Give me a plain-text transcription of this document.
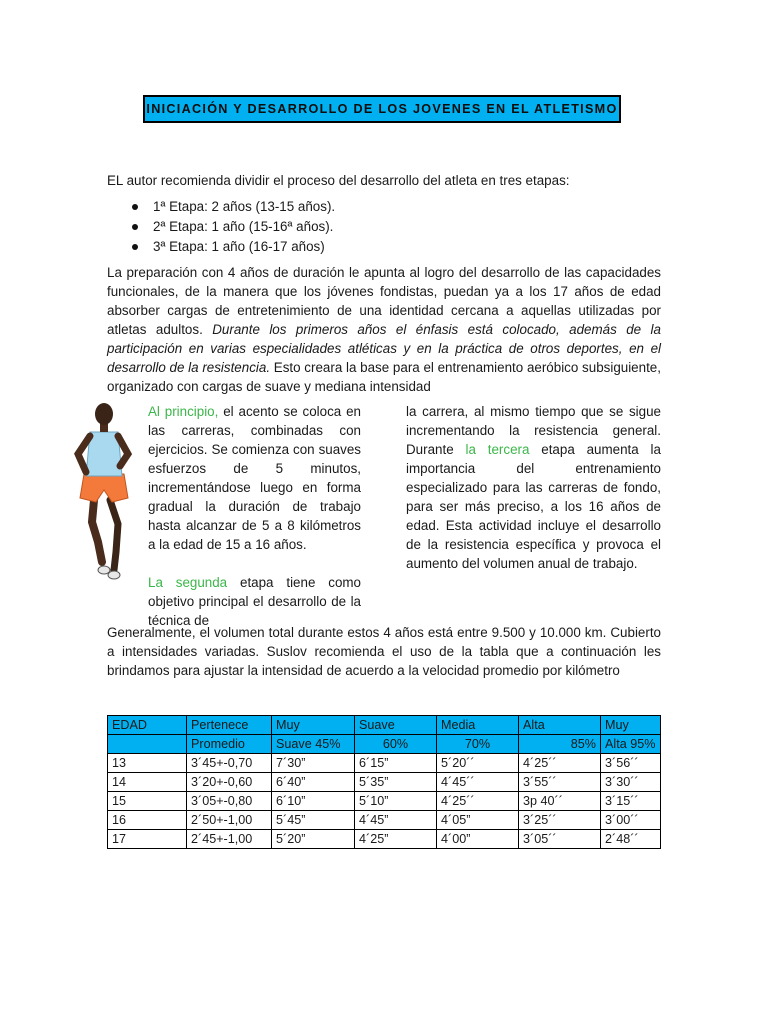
INICIACIÓN Y DESARROLLO DE LOS JOVENES EN EL ATLETISMO

EL autor recomienda dividir el proceso del desarrollo del atleta en tres etapas:

1ª Etapa: 2 años (13-15 años).
2ª Etapa: 1 año (15-16ª años).
3ª Etapa: 1 año (16-17 años)

La preparación con 4 años de duración le apunta al logro del desarrollo de las capacidades funcionales, de la manera que los jóvenes fondistas, puedan ya a los 17 años de edad absorber cargas de entretenimiento de una identidad cercana a aquellas utilizadas por atletas adultos. Durante los primeros años el énfasis está colocado, además de la participación en varias especialidades atléticas y en la práctica de otros deportes, en el desarrollo de la resistencia. Esto creara la base para el entrenamiento aeróbico subsiguiente, organizado con cargas de suave y mediana intensidad

Al principio, el acento se coloca en las carreras, combinadas con ejercicios. Se comienza con suaves esfuerzos de 5 minutos, incrementándose luego en forma gradual la duración de trabajo hasta alcanzar de 5 a 8 kilómetros a la edad de 15 a 16 años.
La segunda etapa tiene como objetivo principal el desarrollo de la técnica de

la carrera, al mismo tiempo que se sigue incrementando la resistencia general. Durante la tercera etapa aumenta la importancia del entrenamiento especializado para las carreras de fondo, para ser más preciso, a los 16 años de edad. Esta actividad incluye el desarrollo de la resistencia específica y provoca el aumento del volumen anual de trabajo.

Generalmente, el volumen total durante estos 4 años está entre 9.500 y 10.000 km. Cubierto a intensidades variadas. Suslov recomienda el uso de la tabla que a continuación les brindamos para ajustar la intensidad de acuerdo a la velocidad promedio por kilómetro

EDAD	Pertenece	Muy	Suave	Media	Alta	Muy
	Promedio	Suave 45%	60%	70%	85%	Alta 95%
13	3´45+-0,70	7´30”	6´15”	5´20´´	4´25´´	3´56´´
14	3´20+-0,60	6´40”	5´35”	4´45´´	3´55´´	3´30´´
15	3´05+-0,80	6´10”	5´10”	4´25´´	3p 40´´	3´15´´
16	2´50+-1,00	5´45”	4´45”	4´05”	3´25´´	3´00´´
17	2´45+-1,00	5´20”	4´25”	4´00”	3´05´´	2´48´´
